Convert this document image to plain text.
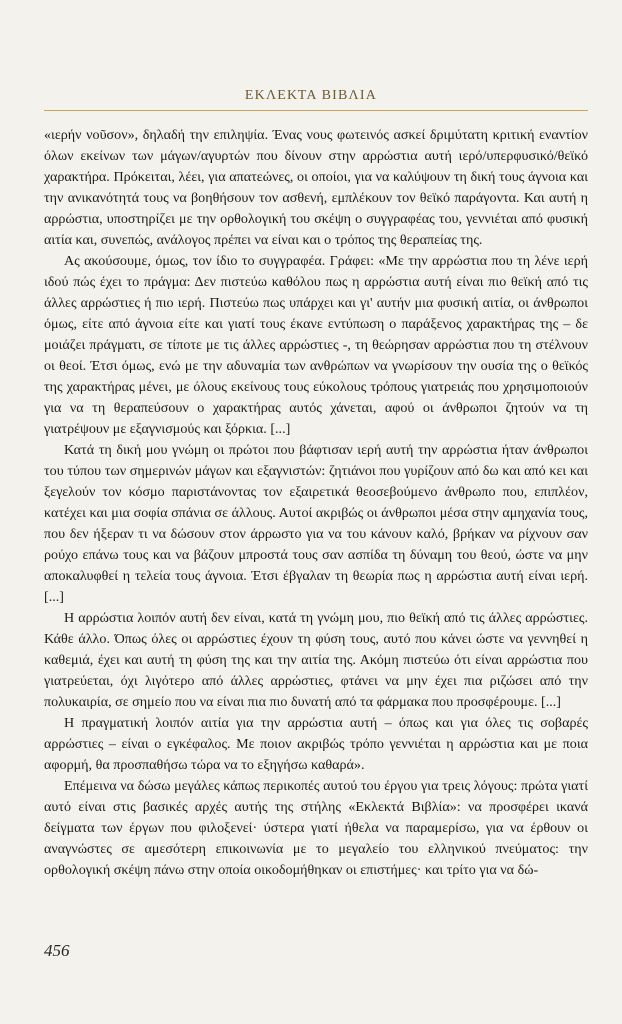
ΕΚΛΕΚΤΑ ΒΙΒΛΙΑ

«ιερήν νοῦσον», δηλαδή την επιληψία. Ένας νους φωτεινός ασκεί δριμύτατη κριτική εναντίον όλων εκείνων των μάγων/αγυρτών που δίνουν στην αρρώστια αυτή ιερό/υπερφυσικό/θεϊκό χαρακτήρα. Πρόκειται, λέει, για απατεώνες, οι οποίοι, για να καλύψουν τη δική τους άγνοια και την ανικανότητά τους να βοηθήσουν τον ασθενή, εμπλέκουν τον θεϊκό παράγοντα. Και αυτή η αρρώστια, υποστηρίζει με την ορθολογική του σκέψη ο συγγραφέας του, γεννιέται από φυσική αιτία και, συνεπώς, ανάλογος πρέπει να είναι και ο τρόπος της θεραπείας της.

Ας ακούσουμε, όμως, τον ίδιο το συγγραφέα. Γράφει: «Με την αρρώστια που τη λένε ιερή ιδού πώς έχει το πράγμα: Δεν πιστεύω καθόλου πως η αρρώστια αυτή είναι πιο θεϊκή από τις άλλες αρρώστιες ή πιο ιερή. Πιστεύω πως υπάρχει και γι' αυτήν μια φυσική αιτία, οι άνθρωποι όμως, είτε από άγνοια είτε και γιατί τους έκανε εντύπωση ο παράξενος χαρακτήρας της – δε μοιάζει πράγματι, σε τίποτε με τις άλλες αρρώστιες -, τη θεώρησαν αρρώστια που τη στέλνουν οι θεοί. Έτσι όμως, ενώ με την αδυναμία των ανθρώπων να γνωρίσουν την ουσία της ο θεϊκός της χαρακτήρας μένει, με όλους εκείνους τους εύκολους τρόπους γιατρειάς που χρησιμοποιούν για να τη θεραπεύσουν ο χαρακτήρας αυτός χάνεται, αφού οι άνθρωποι ζητούν να τη γιατρέψουν με εξαγνισμούς και ξόρκια. [...]

Κατά τη δική μου γνώμη οι πρώτοι που βάφτισαν ιερή αυτή την αρρώστια ήταν άνθρωποι του τύπου των σημερινών μάγων και εξαγνιστών: ζητιάνοι που γυρίζουν από δω και από κει και ξεγελούν τον κόσμο παριστάνοντας τον εξαιρετικά θεοσεβούμενο άνθρωπο που, επιπλέον, κατέχει και μια σοφία σπάνια σε άλλους. Αυτοί ακριβώς οι άνθρωποι μέσα στην αμηχανία τους, που δεν ήξεραν τι να δώσουν στον άρρωστο για να του κάνουν καλό, βρήκαν να ρίχνουν σαν ρούχο επάνω τους και να βάζουν μπροστά τους σαν ασπίδα τη δύναμη του θεού, ώστε να μην αποκαλυφθεί η τελεία τους άγνοια. Έτσι έβγαλαν τη θεωρία πως η αρρώστια αυτή είναι ιερή. [...]

Η αρρώστια λοιπόν αυτή δεν είναι, κατά τη γνώμη μου, πιο θεϊκή από τις άλλες αρρώστιες. Κάθε άλλο. Όπως όλες οι αρρώστιες έχουν τη φύση τους, αυτό που κάνει ώστε να γεννηθεί η καθεμιά, έχει και αυτή τη φύση της και την αιτία της. Ακόμη πιστεύω ότι είναι αρρώστια που γιατρεύεται, όχι λιγότερο από άλλες αρρώστιες, φτάνει να μην έχει πια ριζώσει από την πολυκαιρία, σε σημείο που να είναι πια πιο δυνατή από τα φάρμακα που προσφέρουμε. [...]

Η πραγματική λοιπόν αιτία για την αρρώστια αυτή – όπως και για όλες τις σοβαρές αρρώστιες – είναι ο εγκέφαλος. Με ποιον ακριβώς τρόπο γεννιέται η αρρώστια και με ποια αφορμή, θα προσπαθήσω τώρα να το εξηγήσω καθαρά».

Επέμεινα να δώσω μεγάλες κάπως περικοπές αυτού του έργου για τρεις λόγους: πρώτα γιατί αυτό είναι στις βασικές αρχές αυτής της στήλης «Εκλεκτά Βιβλία»: να προσφέρει ικανά δείγματα των έργων που φιλοξενεί· ύστερα γιατί ήθελα να παραμερίσω, για να έρθουν οι αναγνώστες σε αμεσότερη επικοινωνία με το μεγαλείο του ελληνικού πνεύματος: την ορθολογική σκέψη πάνω στην οποία οικοδομήθηκαν οι επιστήμες· και τρίτο για να δώ-

456
